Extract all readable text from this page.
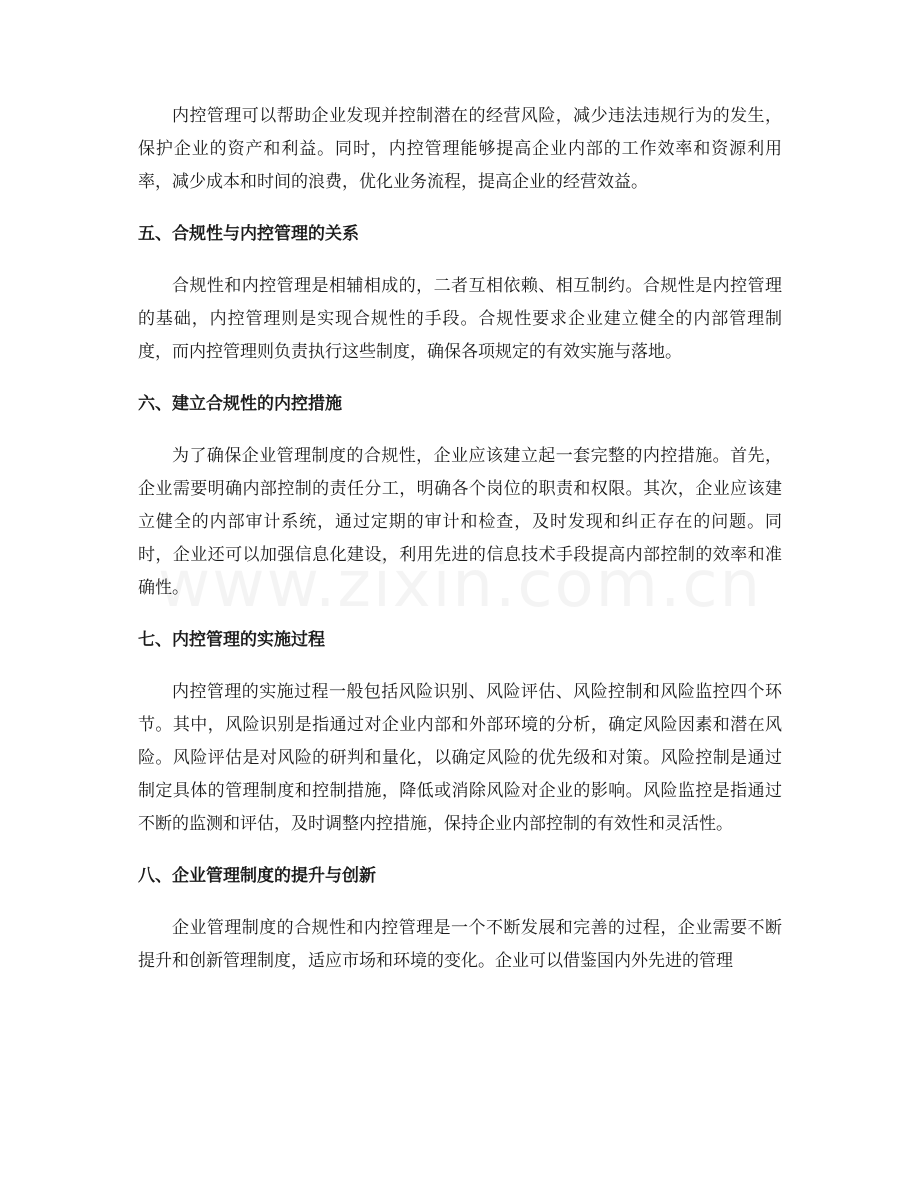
内控管理可以帮助企业发现并控制潜在的经营风险，减少违法违规行为的发生，保护企业的资产和利益。同时，内控管理能够提高企业内部的工作效率和资源利用率，减少成本和时间的浪费，优化业务流程，提高企业的经营效益。

五、合规性与内控管理的关系

合规性和内控管理是相辅相成的，二者互相依赖、相互制约。合规性是内控管理的基础，内控管理则是实现合规性的手段。合规性要求企业建立健全的内部管理制度，而内控管理则负责执行这些制度，确保各项规定的有效实施与落地。

六、建立合规性的内控措施

为了确保企业管理制度的合规性，企业应该建立起一套完整的内控措施。首先，企业需要明确内部控制的责任分工，明确各个岗位的职责和权限。其次，企业应该建立健全的内部审计系统，通过定期的审计和检查，及时发现和纠正存在的问题。同时，企业还可以加强信息化建设，利用先进的信息技术手段提高内部控制的效率和准确性。

七、内控管理的实施过程

内控管理的实施过程一般包括风险识别、风险评估、风险控制和风险监控四个环节。其中，风险识别是指通过对企业内部和外部环境的分析，确定风险因素和潜在风险。风险评估是对风险的研判和量化，以确定风险的优先级和对策。风险控制是通过制定具体的管理制度和控制措施，降低或消除风险对企业的影响。风险监控是指通过不断的监测和评估，及时调整内控措施，保持企业内部控制的有效性和灵活性。

八、企业管理制度的提升与创新

企业管理制度的合规性和内控管理是一个不断发展和完善的过程，企业需要不断提升和创新管理制度，适应市场和环境的变化。企业可以借鉴国内外先进的管理
